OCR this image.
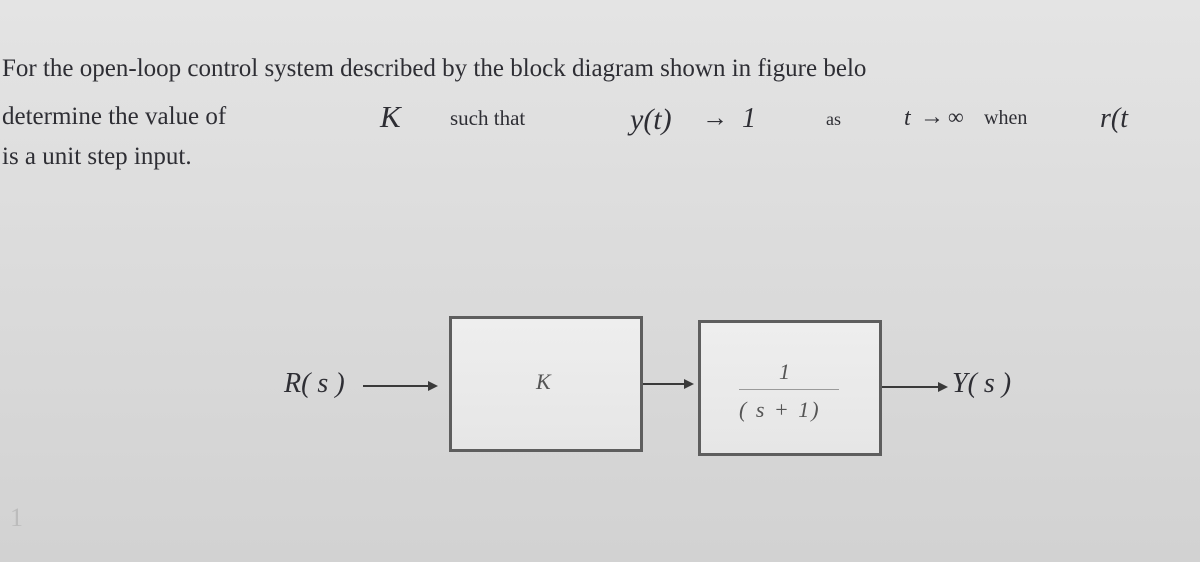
For the open-loop control system described by the block diagram shown in figure belo
determine the value of	K such that	y(t) → 1	as	t → ∞ when	r(t
is a unit step input.
R( s )	K	1
( s + 1)
Y( s )
1
